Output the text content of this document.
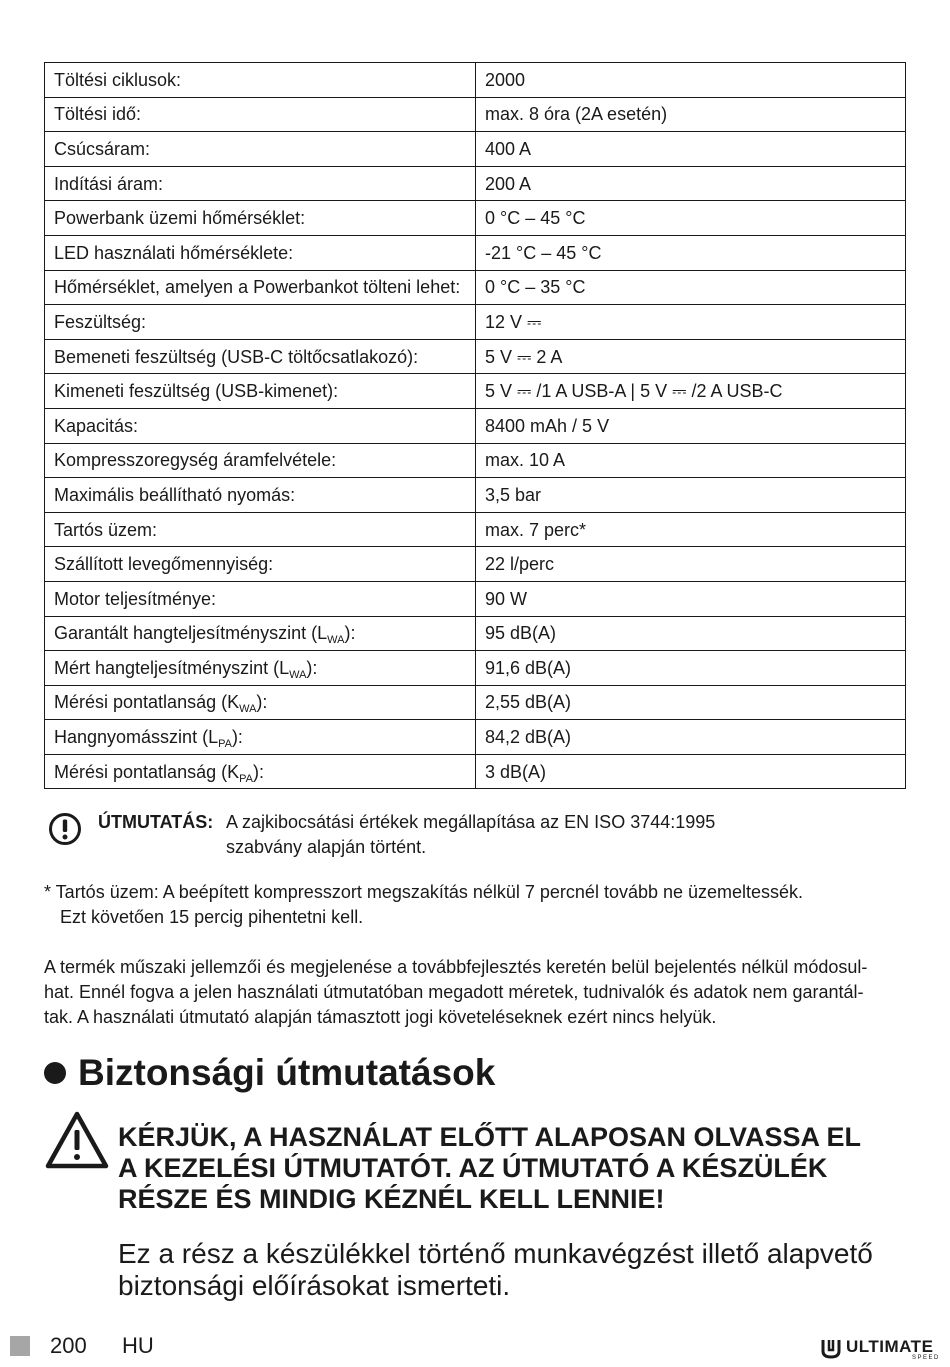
Töltési ciklusok:	2000
Töltési idő:	max. 8 óra (2A esetén)
Csúcsáram:	400 A
Indítási áram:	200 A
Powerbank üzemi hőmérséklet:	0 °C – 45 °C
LED használati hőmérséklete:	-21 °C – 45 °C
Hőmérséklet, amelyen a Powerbankot tölteni lehet:	0 °C – 35 °C
Feszültség:	12 V ⎓
Bemeneti feszültség (USB-C töltőcsatlakozó):	5 V ⎓ 2 A
Kimeneti feszültség (USB-kimenet):	5 V ⎓ /1 A USB-A | 5 V ⎓ /2 A USB-C
Kapacitás:	8400 mAh / 5 V
Kompresszoregység áramfelvétele:	max. 10 A
Maximális beállítható nyomás:	3,5 bar
Tartós üzem:	max. 7 perc*
Szállított levegőmennyiség:	22 l/perc
Motor teljesítménye:	90 W
Garantált hangteljesítményszint $(L_{WA})$:	95 dB(A)
Mért hangteljesítményszint $(L_{WA})$:	91,6 dB(A)
Mérési pontatlanság $(K_{WA})$:	2,55 dB(A)
Hangnyomásszint $(L_{PA})$:	84,2 dB(A)
Mérési pontatlanság $(K_{PA})$:	3 dB(A)
ÚTMUTATÁS: A zajkibocsátási értékek megállapítása az EN ISO 3744:1995
szabvány alapján történt.
* Tartós üzem: A beépített kompresszort megszakítás nélkül 7 percnél tovább ne üzemeltessék.
Ezt követően 15 percig pihentetni kell.
A termék műszaki jellemzői és megjelenése a továbbfejlesztés keretén belül bejelentés nélkül módosul-
hat. Ennél fogva a jelen használati útmutatóban megadott méretek, tudnivalók és adatok nem garantál-
tak. A használati útmutató alapján támasztott jogi követeléseknek ezért nincs helyük.
Biztonsági útmutatások
KÉRJÜK, A HASZNÁLAT ELŐTT ALAPOSAN OLVASSA EL
A KEZELÉSI ÚTMUTATÓT. AZ ÚTMUTATÓ A KÉSZÜLÉK
RÉSZE ÉS MINDIG KÉZNÉL KELL LENNIE!
Ez a rész a készülékkel történő munkavégzést illető alapvető
biztonsági előírásokat ismerteti.
200 HU	ULTIMATE
SPEED
